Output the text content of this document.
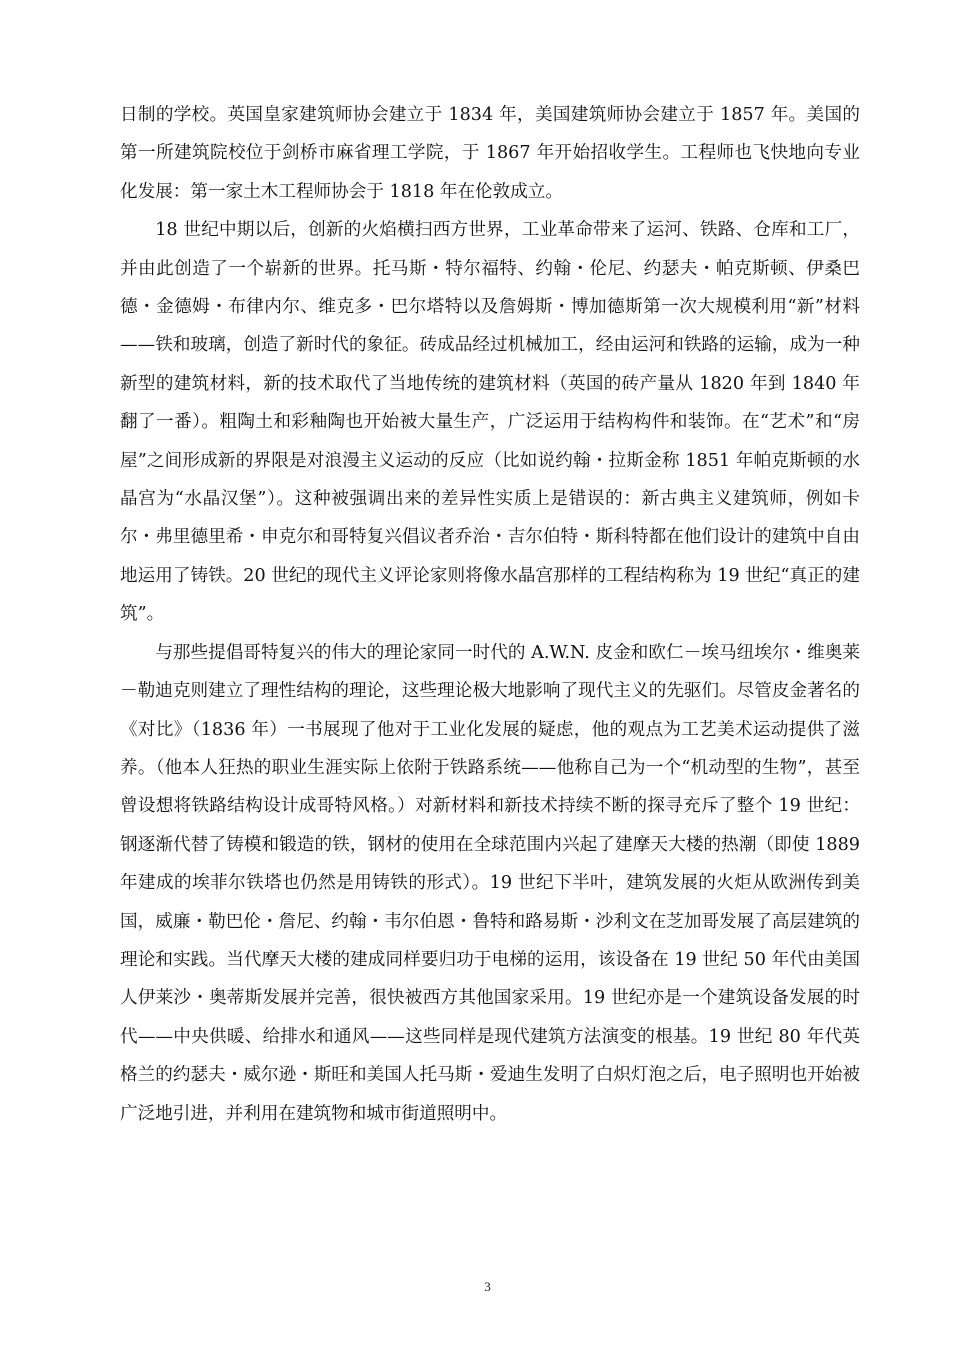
日制的学校。英国皇家建筑师协会建立于 1834 年，美国建筑师协会建立于 1857 年。美国的第一所建筑院校位于剑桥市麻省理工学院，于 1867 年开始招收学生。工程师也飞快地向专业化发展：第一家土木工程师协会于 1818 年在伦敦成立。

18 世纪中期以后，创新的火焰横扫西方世界，工业革命带来了运河、铁路、仓库和工厂，并由此创造了一个崭新的世界。托马斯・特尔福特、约翰・伦尼、约瑟夫・帕克斯顿、伊桑巴德・金德姆・布律内尔、维克多・巴尔塔特以及詹姆斯・博加德斯第一次大规模利用“新”材料——铁和玻璃，创造了新时代的象征。砖成品经过机械加工，经由运河和铁路的运输，成为一种新型的建筑材料，新的技术取代了当地传统的建筑材料（英国的砖产量从 1820 年到 1840 年翻了一番）。粗陶土和彩釉陶也开始被大量生产，广泛运用于结构构件和装饰。在“艺术”和“房屋”之间形成新的界限是对浪漫主义运动的反应（比如说约翰・拉斯金称 1851 年帕克斯顿的水晶宫为“水晶汉堡”）。这种被强调出来的差异性实质上是错误的：新古典主义建筑师，例如卡尔・弗里德里希・申克尔和哥特复兴倡议者乔治・吉尔伯特・斯科特都在他们设计的建筑中自由地运用了铸铁。20 世纪的现代主义评论家则将像水晶宫那样的工程结构称为 19 世纪“真正的建筑”。

与那些提倡哥特复兴的伟大的理论家同一时代的 A.W.N. 皮金和欧仁－埃马纽埃尔・维奥莱－勒迪克则建立了理性结构的理论，这些理论极大地影响了现代主义的先驱们。尽管皮金著名的《对比》（1836 年）一书展现了他对于工业化发展的疑虑，他的观点为工艺美术运动提供了滋养。（他本人狂热的职业生涯实际上依附于铁路系统——他称自己为一个“机动型的生物”，甚至曾设想将铁路结构设计成哥特风格。）对新材料和新技术持续不断的探寻充斥了整个 19 世纪：钢逐渐代替了铸模和锻造的铁，钢材的使用在全球范围内兴起了建摩天大楼的热潮（即使 1889 年建成的埃菲尔铁塔也仍然是用铸铁的形式）。19 世纪下半叶，建筑发展的火炬从欧洲传到美国，威廉・勒巴伦・詹尼、约翰・韦尔伯恩・鲁特和路易斯・沙利文在芝加哥发展了高层建筑的理论和实践。当代摩天大楼的建成同样要归功于电梯的运用，该设备在 19 世纪 50 年代由美国人伊莱沙・奥蒂斯发展并完善，很快被西方其他国家采用。19 世纪亦是一个建筑设备发展的时代——中央供暖、给排水和通风——这些同样是现代建筑方法演变的根基。19 世纪 80 年代英格兰的约瑟夫・威尔逊・斯旺和美国人托马斯・爱迪生发明了白炽灯泡之后，电子照明也开始被广泛地引进，并利用在建筑物和城市街道照明中。

3
